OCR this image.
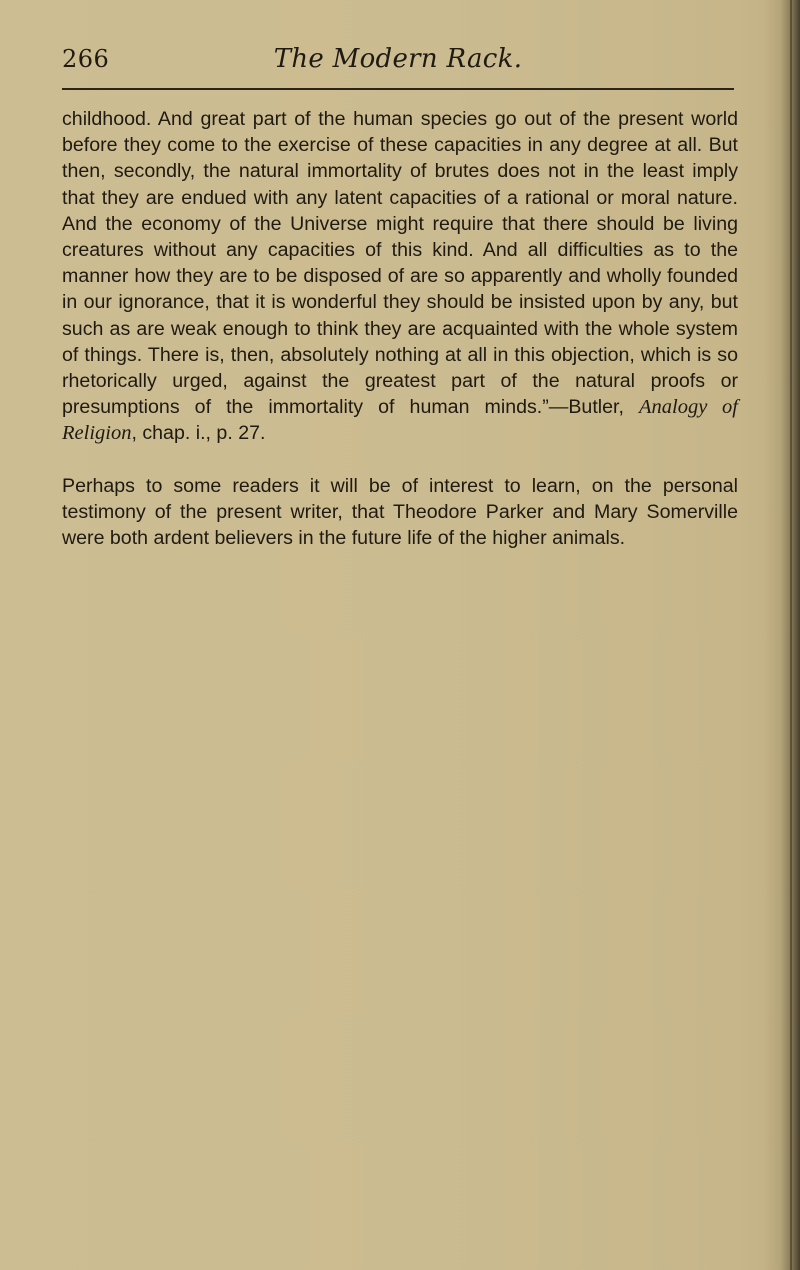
266	The Modern Rack.

childhood. And great part of the human species go out of the present world before they come to the exercise of these capacities in any degree at all. But then, secondly, the natural immortality of brutes does not in the least imply that they are endued with any latent capacities of a rational or moral nature. And the economy of the Universe might require that there should be living creatures without any capacities of this kind. And all difficulties as to the manner how they are to be disposed of are so apparently and wholly founded in our ignorance, that it is wonderful they should be insisted upon by any, but such as are weak enough to think they are acquainted with the whole system of things. There is, then, absolutely nothing at all in this objection, which is so rhetorically urged, against the greatest part of the natural proofs or presumptions of the immortality of human minds.”—Butler, Analogy of Religion, chap. i., p. 27.

Perhaps to some readers it will be of interest to learn, on the personal testimony of the present writer, that Theodore Parker and Mary Somerville were both ardent believers in the future life of the higher animals.
